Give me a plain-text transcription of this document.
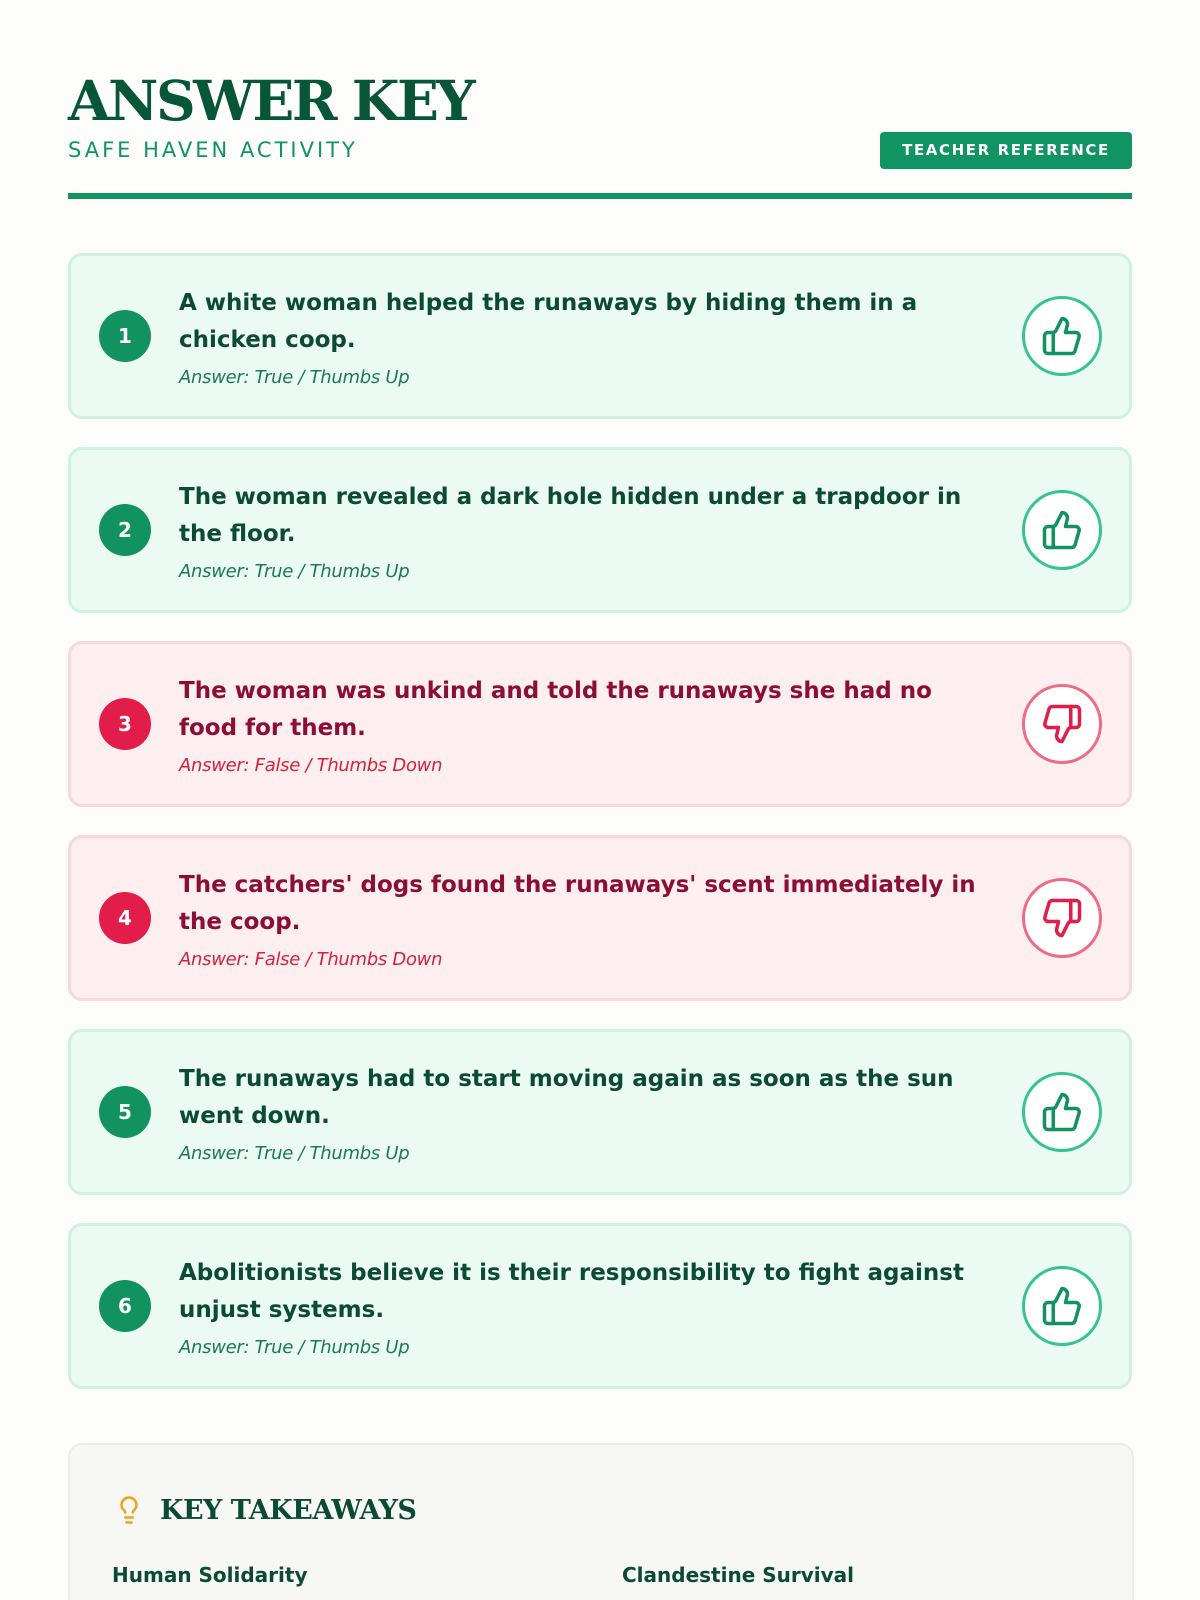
ANSWER KEY
SAFE HAVEN ACTIVITY	TEACHER REFERENCE
1
A white woman helped the runaways by hiding them in a chicken coop.
Answer: True / Thumbs Up
2
The woman revealed a dark hole hidden under a trapdoor in the floor.
Answer: True / Thumbs Up
3
The woman was unkind and told the runaways she had no food for them.
Answer: False / Thumbs Down
4
The catchers' dogs found the runaways' scent immediately in the coop.
Answer: False / Thumbs Down
5
The runaways had to start moving again as soon as the sun went down.
Answer: True / Thumbs Up
6
Abolitionists believe it is their responsibility to fight against unjust systems.
Answer: True / Thumbs Up
KEY TAKEAWAYS
Human Solidarity	Clandestine Survival
